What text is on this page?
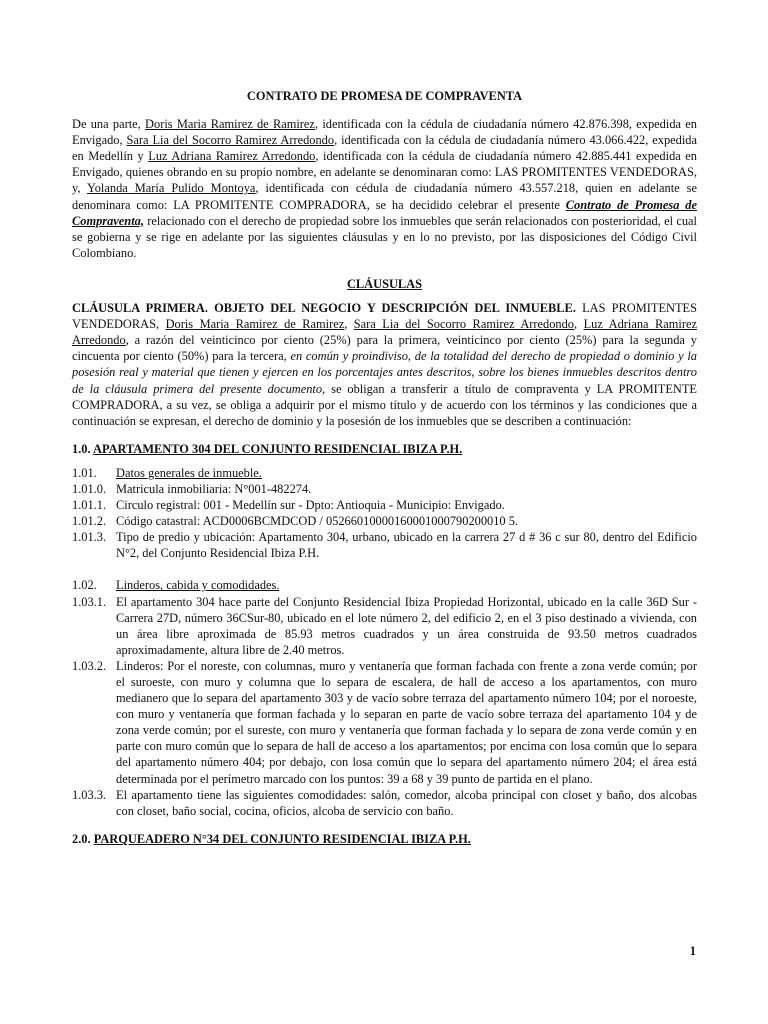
CONTRATO DE PROMESA DE COMPRAVENTA

De una parte, Doris Maria Ramirez de Ramirez, identificada con la cédula de ciudadanía número 42.876.398, expedida en Envigado, Sara Lia del Socorro Ramirez Arredondo, identificada con la cédula de ciudadanía número 43.066.422, expedida en Medellín y Luz Adriana Ramirez Arredondo, identificada con la cédula de ciudadanía número 42.885.441 expedida en Envigado, quienes obrando en su propio nombre, en adelante se denominaran como: LAS PROMITENTES VENDEDORAS, y, Yolanda María Pulido Montoya, identificada con cédula de ciudadanía número 43.557.218, quien en adelante se denominara como: LA PROMITENTE COMPRADORA, se ha decidido celebrar el presente Contrato de Promesa de Compraventa, relacionado con el derecho de propiedad sobre los inmuebles que serán relacionados con posterioridad, el cual se gobierna y se rige en adelante por las siguientes cláusulas y en lo no previsto, por las disposiciones del Código Civil Colombiano.

CLÁUSULAS

CLÁUSULA PRIMERA. OBJETO DEL NEGOCIO Y DESCRIPCIÓN DEL INMUEBLE. LAS PROMITENTES VENDEDORAS, Doris Maria Ramirez de Ramirez, Sara Lia del Socorro Ramirez Arredondo, Luz Adriana Ramirez Arredondo, a razón del veinticinco por ciento (25%) para la primera, veinticinco por ciento (25%) para la segunda y cincuenta por ciento (50%) para la tercera, en común y proindiviso, de la totalidad del derecho de propiedad o dominio y la posesión real y material que tienen y ejercen en los porcentajes antes descritos, sobre los bienes inmuebles descritos dentro de la cláusula primera del presente documento, se obligan a transferir a título de compraventa y LA PROMITENTE COMPRADORA, a su vez, se obliga a adquirir por el mismo título y de acuerdo con los términos y las condiciones que a continuación se expresan, el derecho de dominio y la posesión de los inmuebles que se describen a continuación:

1.0. APARTAMENTO 304 DEL CONJUNTO RESIDENCIAL IBIZA P.H.

1.01.	Datos generales de inmueble.
1.01.0. Matricula inmobiliaria: N°001-482274.
1.01.1. Circulo registral: 001 - Medellín sur - Dpto: Antioquia - Municipio: Envigado.
1.01.2. Código catastral: ACD0006BCMDCOD / 05266010000160001000790200010 5.
1.01.3. Tipo de predio y ubicación: Apartamento 304, urbano, ubicado en la carrera 27 d # 36 c sur 80, dentro del Edificio N°2, del Conjunto Residencial Ibiza P.H.
1.02.	Linderos, cabida y comodidades.
1.03.1. El apartamento 304 hace parte del Conjunto Residencial Ibiza Propiedad Horizontal, ubicado en la calle 36D Sur - Carrera 27D, número 36CSur-80, ubicado en el lote número 2, del edificio 2, en el 3 piso destinado a vivienda, con un área libre aproximada de 85.93 metros cuadrados y un área construida de 93.50 metros cuadrados aproximadamente, altura libre de 2.40 metros.
1.03.2. Linderos: Por el noreste, con columnas, muro y ventanería que forman fachada con frente a zona verde común; por el suroeste, con muro y columna que lo separa de escalera, de hall de acceso a los apartamentos, con muro medianero que lo separa del apartamento 303 y de vacío sobre terraza del apartamento número 104; por el noroeste, con muro y ventanería que forman fachada y lo separan en parte de vacío sobre terraza del apartamento 104 y de zona verde común; por el sureste, con muro y ventanería que forman fachada y lo separa de zona verde común y en parte con muro común que lo separa de hall de acceso a los apartamentos; por encima con losa común que lo separa del apartamento número 404; por debajo, con losa común que lo separa del apartamento número 204; el área está determinada por el perímetro marcado con los puntos: 39 a 68 y 39 punto de partida en el plano.
1.03.3. El apartamento tiene las siguientes comodidades: salón, comedor, alcoba principal con closet y baño, dos alcobas con closet, baño social, cocina, oficios, alcoba de servicio con baño.

2.0. PARQUEADERO N°34 DEL CONJUNTO RESIDENCIAL IBIZA P.H.

1
